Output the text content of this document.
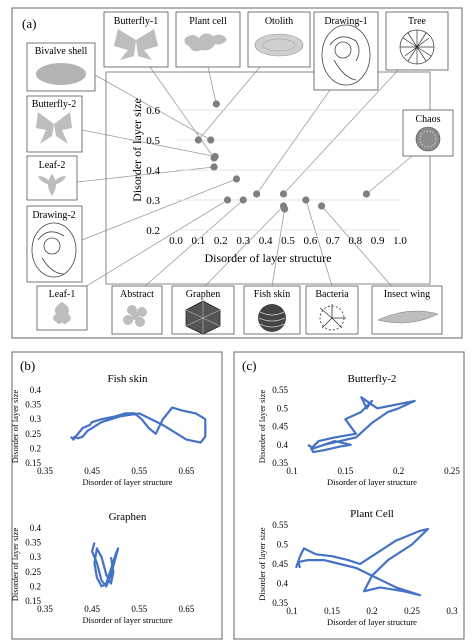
(a)
0.2
0.3
0.4
0.5
0.6
0.0 0.1 0.2 0.3 0.4 0.5 0.6 0.7 0.8 0.9 1.0
Disorder of layer structure
Disorder of layer size
Bivalve shell
Butterfly-1	Plant cell	Otolith	Drawing-1	Tree
Butterfly-2
Chaos
Leaf-2
Drawing-2
Leaf-1	Abstract	Graphen	Fish skin	Bacteria	Insect wing
(b)
Fish skin
0.15
0.2
0.25
0.3
0.35
0.4
0.35	0.45	0.55	0.65
Disorder of layer structure
Disorder of layer size
Graphen
0.15
0.2
0.25
0.3
0.35
0.4
0.35	0.45	0.55	0.65
Disorder of layer structure
Disorder of layer size
(c)
Butterfly-2
0.35
0.4
0.45
0.5
0.55
0.1	0.15	0.2	0.25
Disorder of layer structure
Disorder of layer size
Plant Cell
0.35
0.4
0.45
0.5
0.55
0.1	0.15	0.2	0.25	0.3
Disorder of layer structure
Disorder of layer size
